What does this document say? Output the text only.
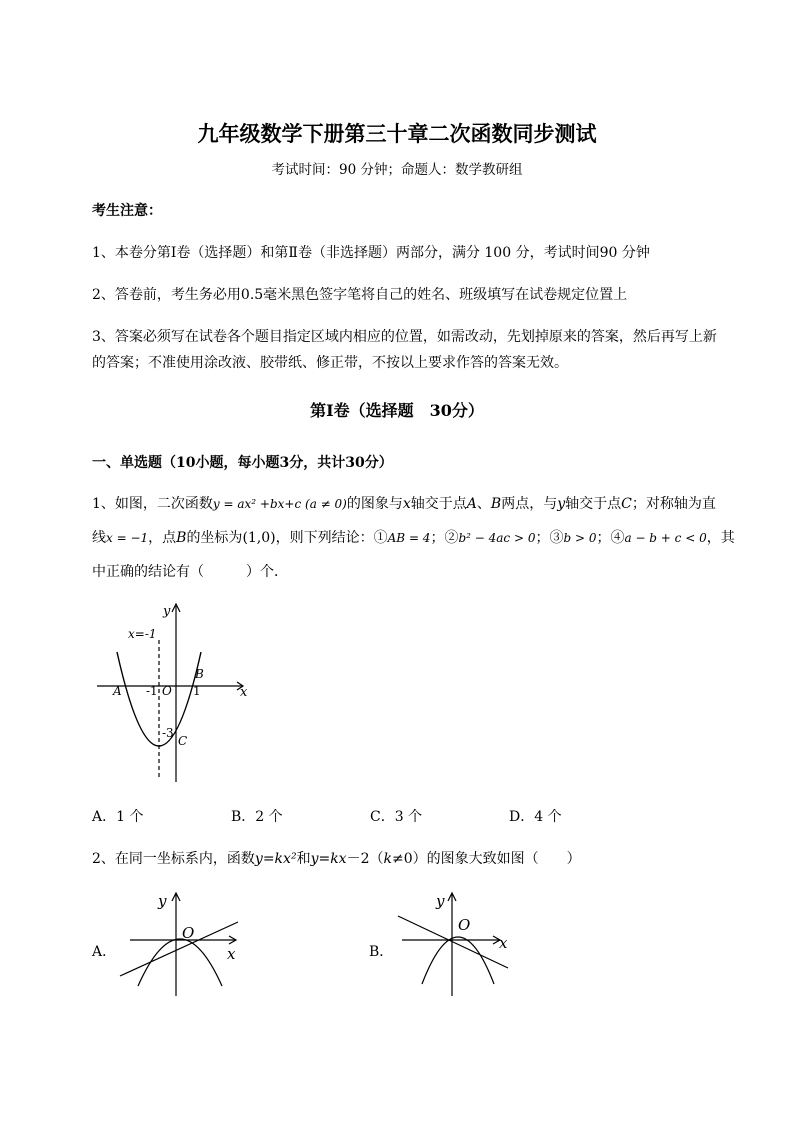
九年级数学下册第三十章二次函数同步测试
考试时间：90 分钟；命题人：数学教研组
考生注意：
1、本卷分第Ⅰ卷（选择题）和第Ⅱ卷（非选择题）两部分，满分 100 分，考试时间90 分钟
2、答卷前，考生务必用0.5毫米黑色签字笔将自己的姓名、班级填写在试卷规定位置上
3、答案必须写在试卷各个题目指定区域内相应的位置，如需改动，先划掉原来的答案，然后再写上新
的答案；不准使用涂改液、胶带纸、修正带，不按以上要求作答的答案无效。
第Ⅰ卷（选择题　30分）
一、单选题（10小题，每小题3分，共计30分）
1、如图，二次函数y = ax² +bx+c (a ≠ 0)的图象与x轴交于点A、B两点，与y轴交于点C；对称轴为直
线x = −1，点B的坐标为(1,0)，则下列结论：①AB = 4；②b² − 4ac > 0；③b > 0；④a − b + c < 0，其
中正确的结论有（　　　）个．
y
x
x=-1
A -1 O
B
1
-3
C
A．1 个	B．2 个	C．3 个	D．4 个
2、在同一坐标系内，函数y=kx²和y=kx－2（k≠0）的图象大致如图（　　）
A．
y
O
x	B．
y
O
x
